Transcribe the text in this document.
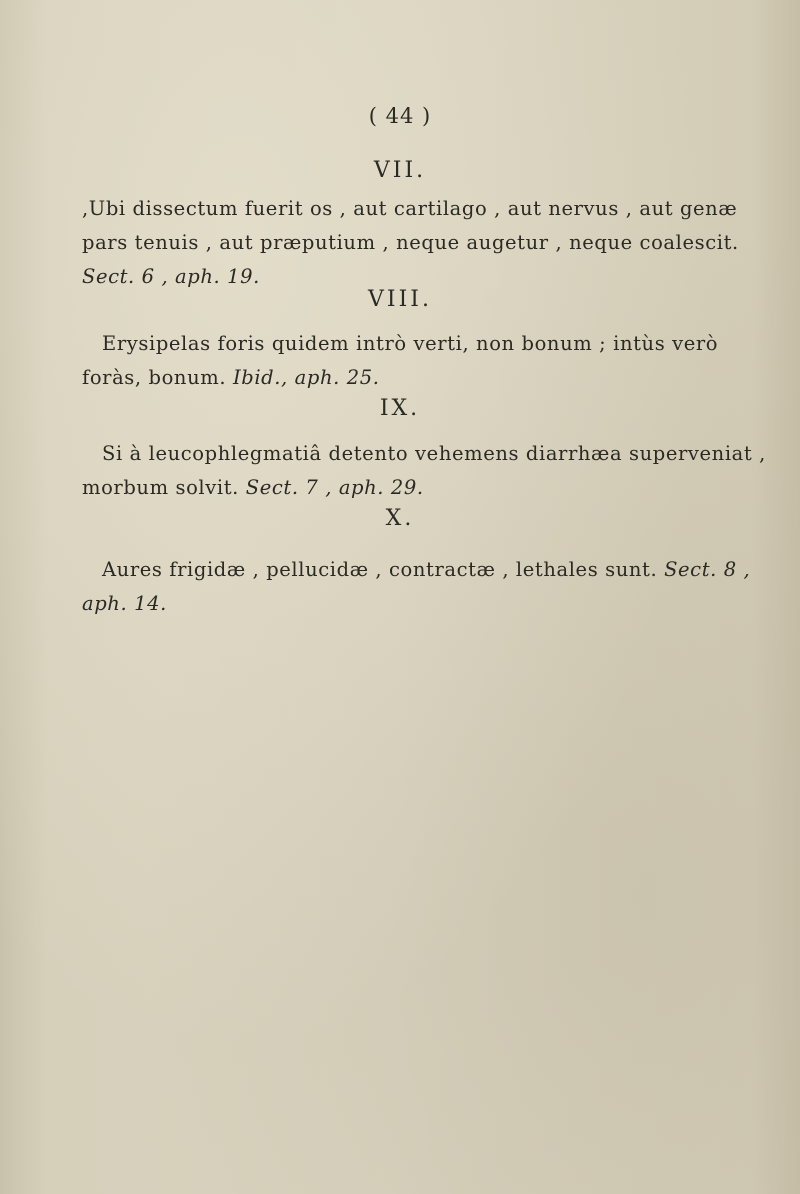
( 44 )
VII.
,Ubi dissectum fuerit os , aut cartilago , aut nervus , aut genæ
pars tenuis , aut præputium , neque augetur , neque coalescit.
Sect. 6 , aph. 19.
VIII.
Erysipelas foris quidem intrò verti, non bonum ; intùs verò
foràs, bonum. Ibid., aph. 25.
IX.
Si à leucophlegmatiâ detento vehemens diarrhæa superveniat ,
morbum solvit. Sect. 7 , aph. 29.
X.
Aures frigidæ , pellucidæ , contractæ , lethales sunt. Sect. 8 ,
aph. 14.
